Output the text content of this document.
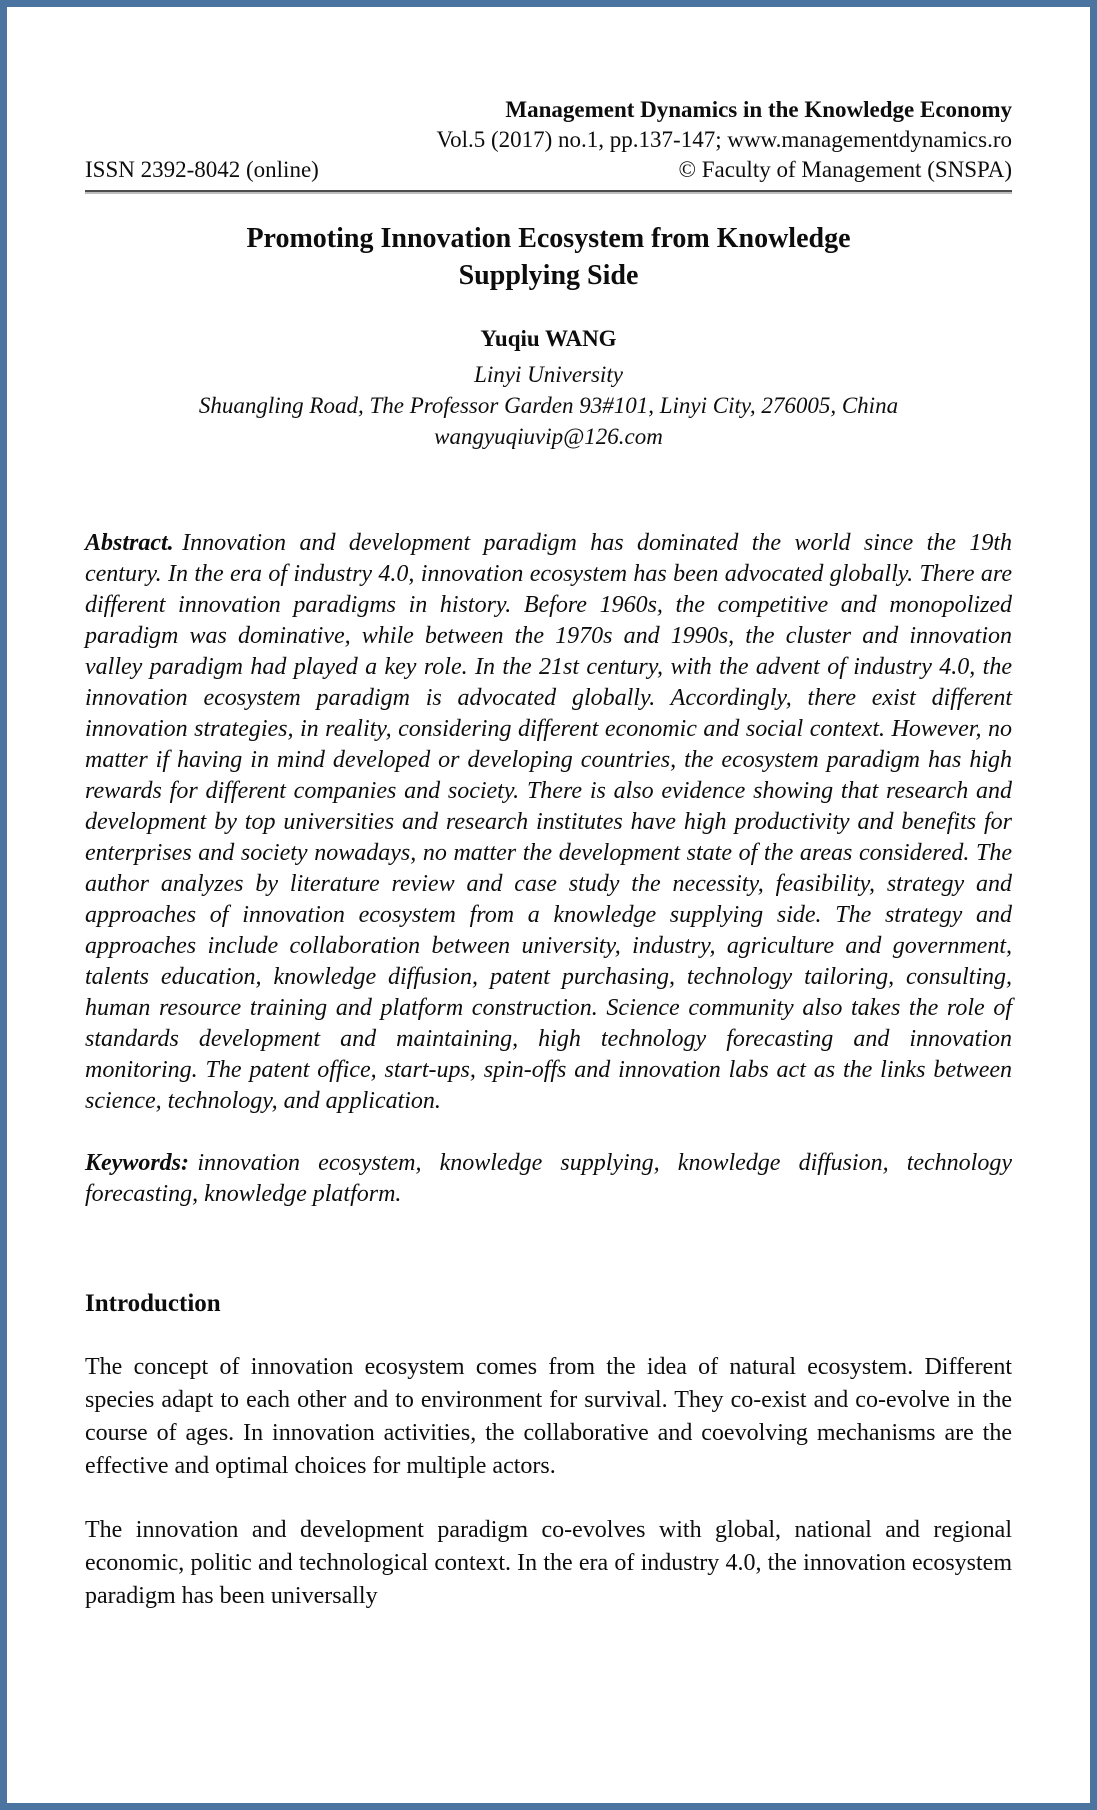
Management Dynamics in the Knowledge Economy
Vol.5 (2017) no.1, pp.137-147; www.managementdynamics.ro
ISSN 2392-8042 (online)	© Faculty of Management (SNSPA)
Promoting Innovation Ecosystem from Knowledge Supplying Side
Yuqiu WANG
Linyi University
Shuangling Road, The Professor Garden 93#101, Linyi City, 276005, China
wangyuqiuvip@126.com

Abstract. Innovation and development paradigm has dominated the world since the 19th century. In the era of industry 4.0, innovation ecosystem has been advocated globally. There are different innovation paradigms in history. Before 1960s, the competitive and monopolized paradigm was dominative, while between the 1970s and 1990s, the cluster and innovation valley paradigm had played a key role. In the 21st century, with the advent of industry 4.0, the innovation ecosystem paradigm is advocated globally. Accordingly, there exist different innovation strategies, in reality, considering different economic and social context. However, no matter if having in mind developed or developing countries, the ecosystem paradigm has high rewards for different companies and society. There is also evidence showing that research and development by top universities and research institutes have high productivity and benefits for enterprises and society nowadays, no matter the development state of the areas considered. The author analyzes by literature review and case study the necessity, feasibility, strategy and approaches of innovation ecosystem from a knowledge supplying side. The strategy and approaches include collaboration between university, industry, agriculture and government, talents education, knowledge diffusion, patent purchasing, technology tailoring, consulting, human resource training and platform construction. Science community also takes the role of standards development and maintaining, high technology forecasting and innovation monitoring. The patent office, start-ups, spin-offs and innovation labs act as the links between science, technology, and application.

Keywords: innovation ecosystem, knowledge supplying, knowledge diffusion, technology forecasting, knowledge platform.

Introduction

The concept of innovation ecosystem comes from the idea of natural ecosystem. Different species adapt to each other and to environment for survival. They co-exist and co-evolve in the course of ages. In innovation activities, the collaborative and coevolving mechanisms are the effective and optimal choices for multiple actors.

The innovation and development paradigm co-evolves with global, national and regional economic, politic and technological context. In the era of industry 4.0, the innovation ecosystem paradigm has been universally
